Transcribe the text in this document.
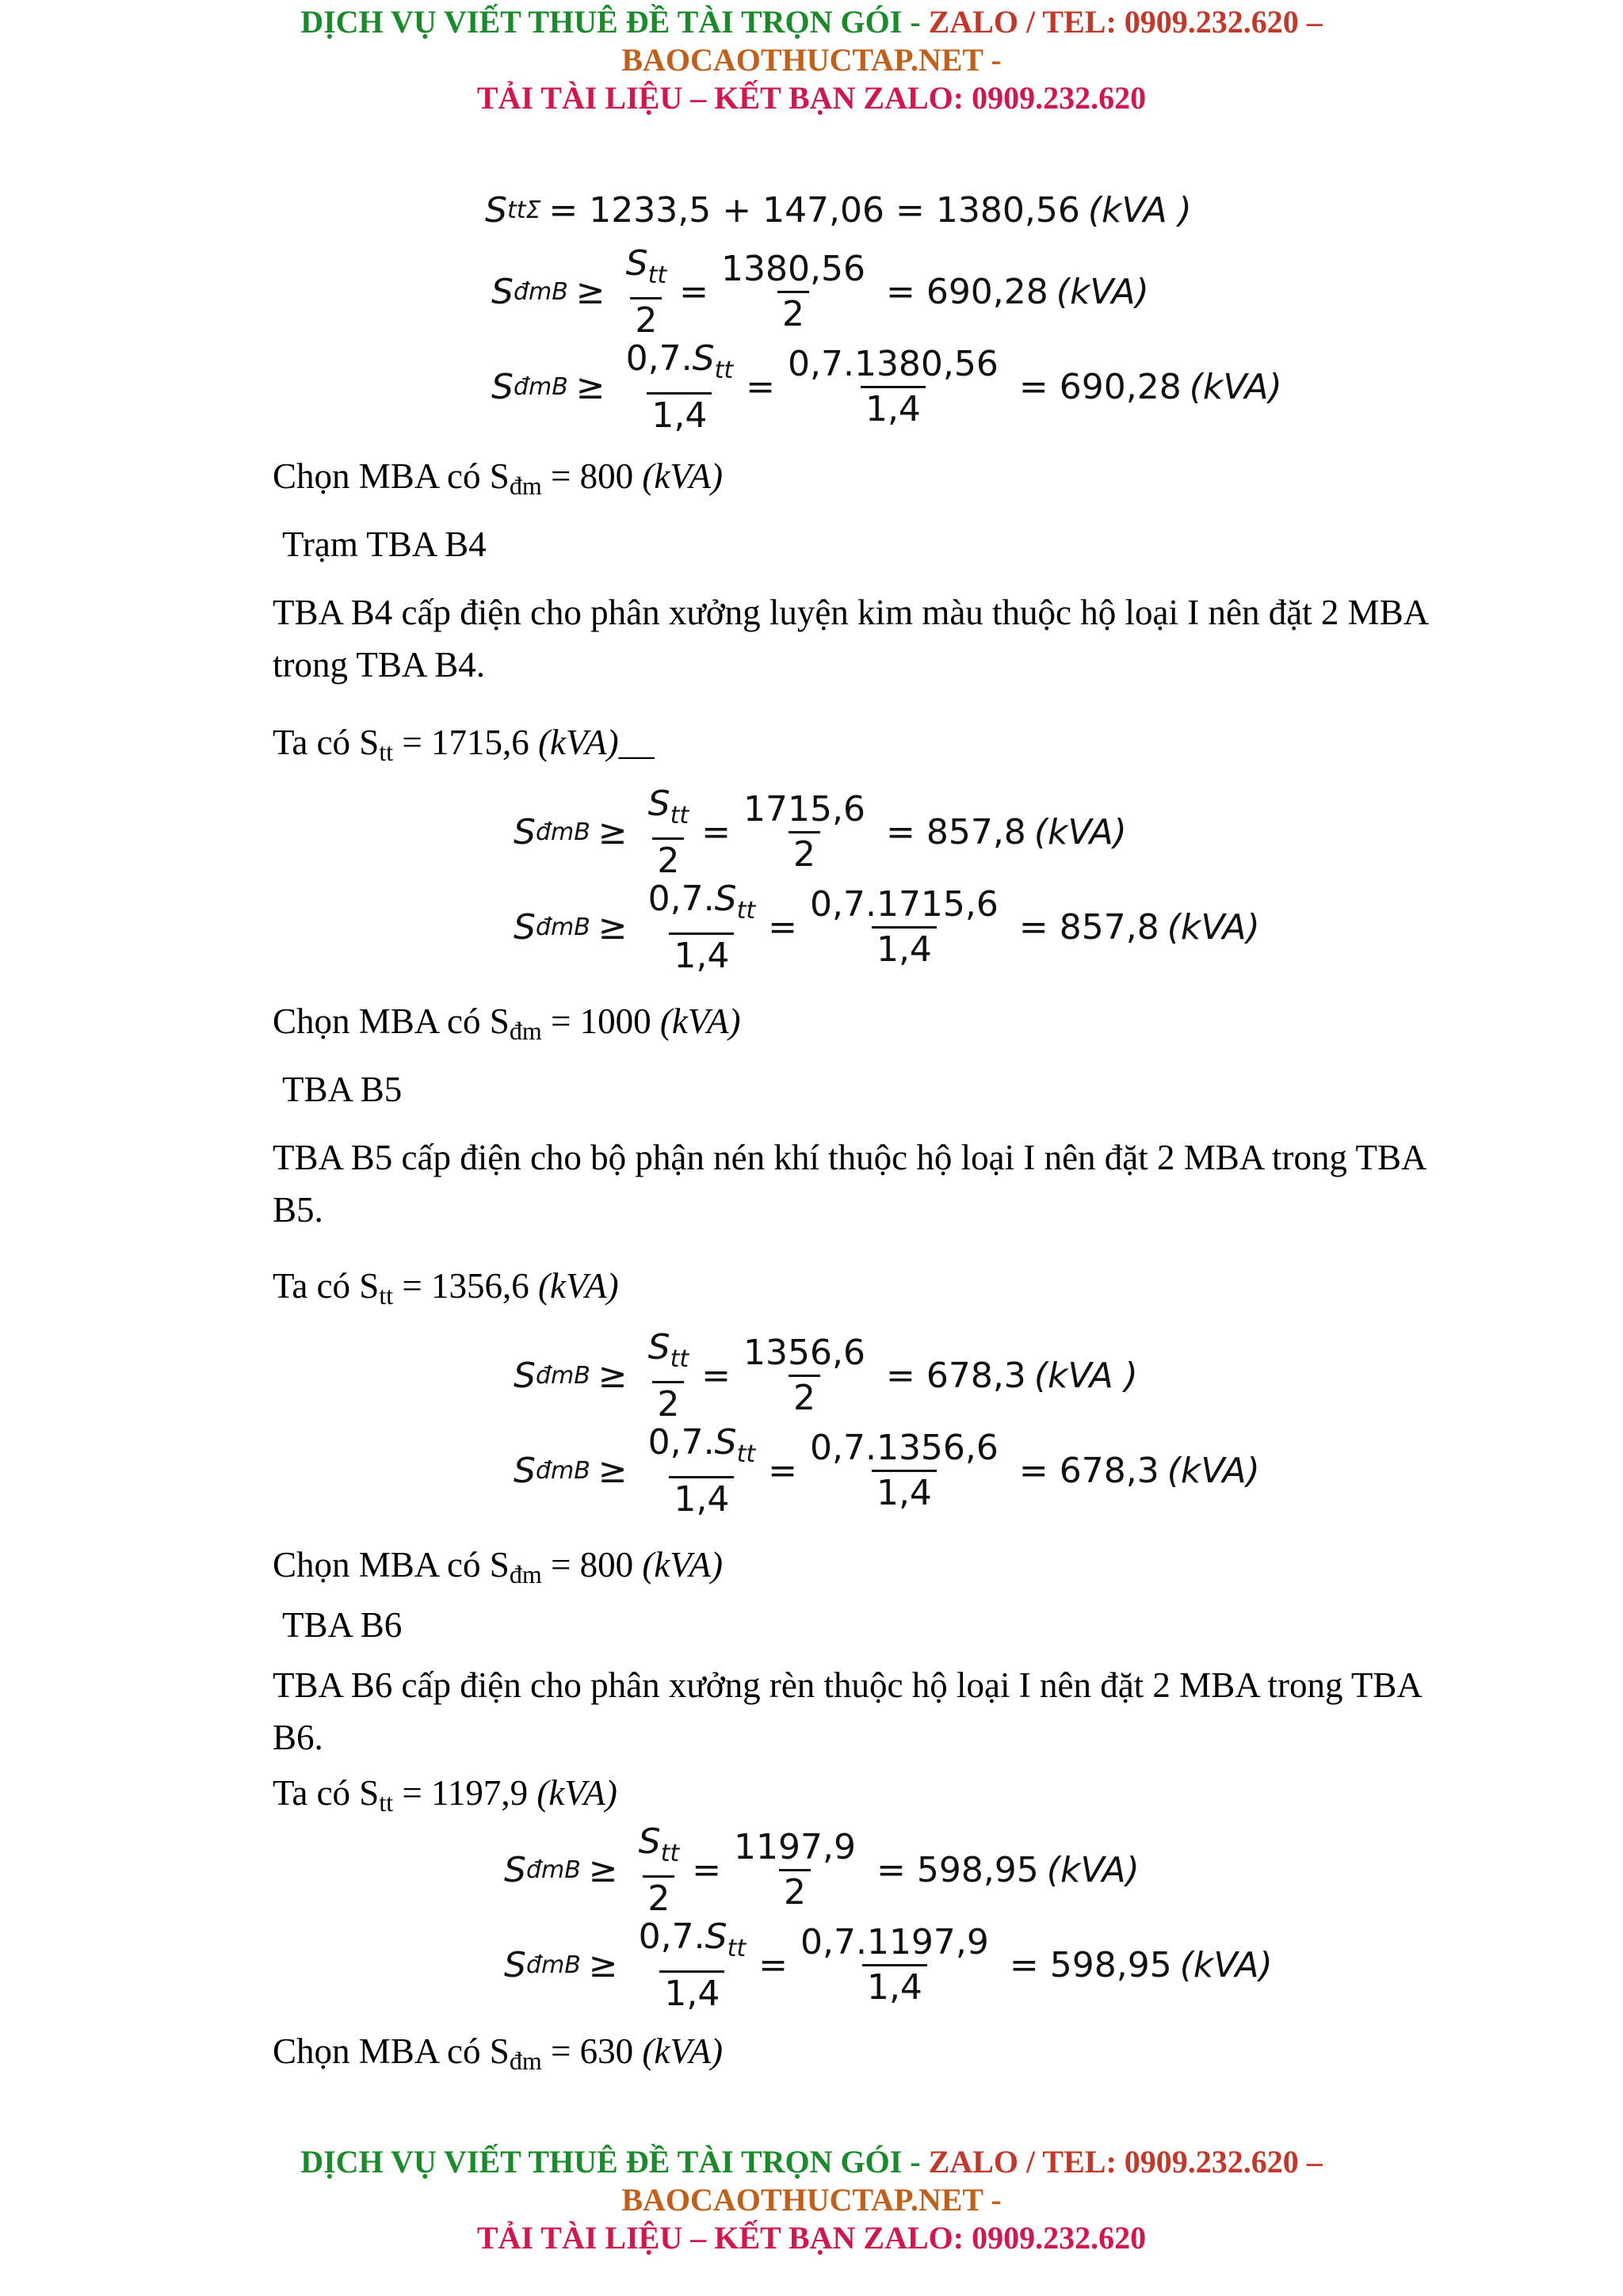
DỊCH VỤ VIẾT THUÊ ĐỀ TÀI TRỌN GÓI - ZALO / TEL: 0909.232.620 –
BAOCAOTHUCTAP.NET -
TẢI TÀI LIỆU – KẾT BẠN ZALO: 0909.232.620
S ttΣ = 1233,5 + 147,06 = 1380,56 (kVA )
S đmB ≥ $\frac{S_{tt}}{2} = \frac{1380,56}{2} = 690,28$ (kVA)
S đmB ≥ $\frac{0,7.S_{tt}}{1,4} = \frac{0,7.1380,56}{1,4} = 690,28$ (kVA)
Chọn MBA có $S_{đm} = 800$ (kVA)
Trạm TBA B4
TBA B4 cấp điện cho phân xưởng luyện kim màu thuộc hộ loại I nên đặt 2 MBA trong TBA B4.
Ta có $S_{tt} = 1715,6$ (kVA)__
S đmB ≥ $\frac{S_{tt}}{2} = \frac{1715,6}{2} = 857,8$ (kVA)
S đmB ≥ $\frac{0,7.S_{tt}}{1,4} = \frac{0,7.1715,6}{1,4} = 857,8$ (kVA)
Chọn MBA có $S_{đm} = 1000$ (kVA)
TBA B5
TBA B5 cấp điện cho bộ phận nén khí thuộc hộ loại I nên đặt 2 MBA trong TBA B5.
Ta có $S_{tt} = 1356,6$ (kVA)
S đmB ≥ $\frac{S_{tt}}{2} = \frac{1356,6}{2} = 678,3$ (kVA )
S đmB ≥ $\frac{0,7.S_{tt}}{1,4} = \frac{0,7.1356,6}{1,4} = 678,3$ (kVA)
Chọn MBA có $S_{đm} = 800$ (kVA)
TBA B6
TBA B6 cấp điện cho phân xưởng rèn thuộc hộ loại I nên đặt 2 MBA trong TBA B6.
Ta có $S_{tt} = 1197,9$ (kVA)
S đmB ≥ $\frac{S_{tt}}{2} = \frac{1197,9}{2} = 598,95$ (kVA)
S đmB ≥ $\frac{0,7.S_{tt}}{1,4} = \frac{0,7.1197,9}{1,4} = 598,95$ (kVA)
Chọn MBA có $S_{đm} = 630$ (kVA)
DỊCH VỤ VIẾT THUÊ ĐỀ TÀI TRỌN GÓI - ZALO / TEL: 0909.232.620 –
BAOCAOTHUCTAP.NET -
TẢI TÀI LIỆU – KẾT BẠN ZALO: 0909.232.620
